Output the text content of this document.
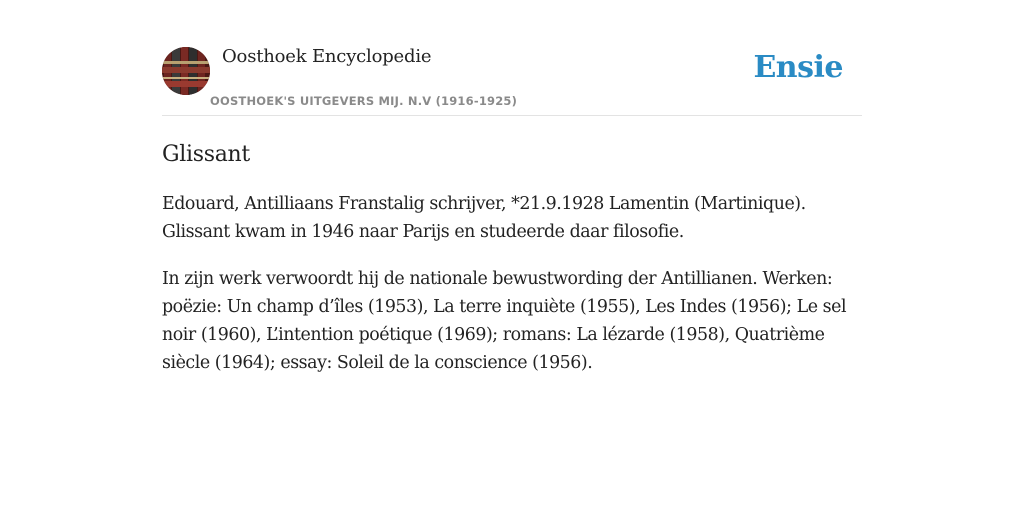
Oosthoek Encyclopedie
OOSTHOEK'S UITGEVERS MIJ. N.V (1916-1925)
Ensie
Glissant

Edouard, Antilliaans Franstalig schrijver, *21.9.1928 Lamentin (Martinique). Glissant kwam in 1946 naar Parijs en studeerde daar filosofie.

In zijn werk verwoordt hij de nationale bewustwording der Antillianen. Werken: poëzie: Un champ d’îles (1953), La terre inquiète (1955), Les Indes (1956); Le sel noir (1960), L’intention poétique (1969); romans: La lézarde (1958), Quatrième siècle (1964); essay: Soleil de la conscience (1956).
